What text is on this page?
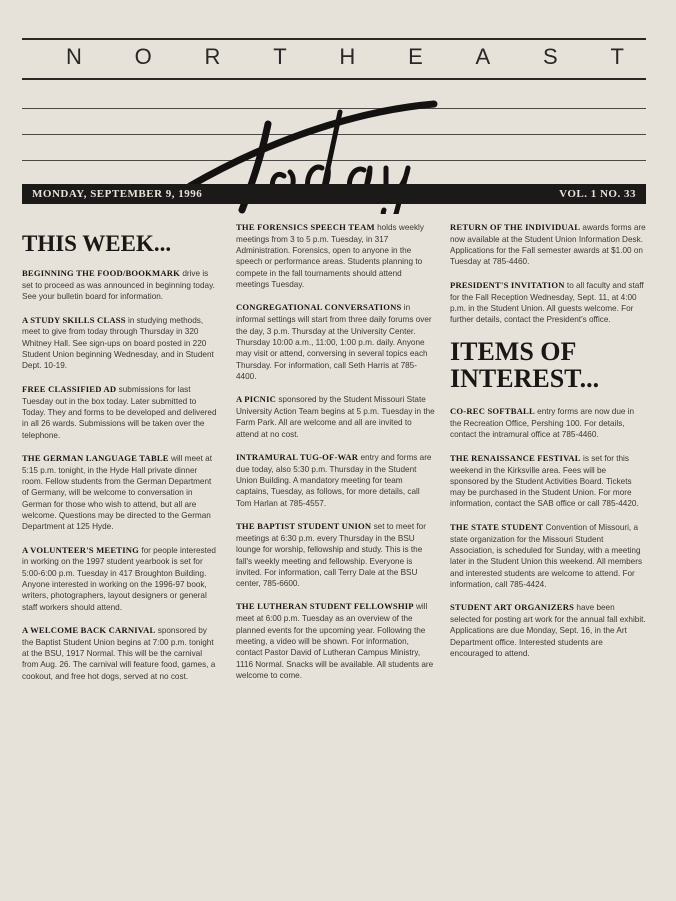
N O R T H E A S T
MONDAY, SEPTEMBER 9, 1996	VOL. 1 NO. 33
THIS WEEK...

BEGINNING THE FOOD/BOOKMARK drive is set to proceed as was announced in beginning today. See your bulletin board for information.

A STUDY SKILLS CLASS in studying methods, meet to give from today through Thursday in 320 Whitney Hall. See sign-ups on board posted in 220 Student Union beginning Wednesday, and in Student Dept. 10-19.

FREE CLASSIFIED AD submissions for last Tuesday out in the box today. Later submitted to Today. They and forms to be developed and delivered in all 26 wards. Submissions will be taken over the telephone.

THE GERMAN LANGUAGE TABLE will meet at 5:15 p.m. tonight, in the Hyde Hall private dinner room. Fellow students from the German Department of Germany, will be welcome to conversation in German for those who wish to attend, but all are welcome. Questions may be directed to the German Department at 125 Hyde.

A VOLUNTEER'S MEETING for people interested in working on the 1997 student yearbook is set for 5:00-6:00 p.m. Tuesday in 417 Broughton Building. Anyone interested in working on the 1996-97 book, writers, photographers, layout designers or general staff workers should attend.

A WELCOME BACK CARNIVAL sponsored by the Baptist Student Union begins at 7:00 p.m. tonight at the BSU, 1917 Normal. This will be the carnival from Aug. 26. The carnival will feature food, games, a cookout, and free hot dogs, served at no cost.

THE FORENSICS SPEECH TEAM holds weekly meetings from 3 to 5 p.m. Tuesday, in 317 Administration. Forensics, open to anyone in the speech or performance areas. Students planning to compete in the fall tournaments should attend meetings Tuesday.

CONGREGATIONAL CONVERSATIONS in informal settings will start from three daily forums over the day, 3 p.m. Thursday at the University Center. Thursday 10:00 a.m., 11:00, 1:00 p.m. daily. Anyone may visit or attend, conversing in several topics each Thursday. For information, call Seth Harris at 785-4400.

A PICNIC sponsored by the Student Missouri State University Action Team begins at 5 p.m. Tuesday in the Farm Park. All are welcome and all are invited to attend at no cost.

INTRAMURAL TUG-OF-WAR entry and forms are due today, also 5:30 p.m. Thursday in the Student Union Building. A mandatory meeting for team captains, Tuesday, as follows, for more details, call Tom Harlan at 785-4557.

THE BAPTIST STUDENT UNION set to meet for meetings at 6:30 p.m. every Thursday in the BSU lounge for worship, fellowship and study. This is the fall's weekly meeting and fellowship. Everyone is invited. For information, call Terry Dale at the BSU center, 785-6600.

THE LUTHERAN STUDENT FELLOWSHIP will meet at 6:00 p.m. Tuesday as an overview of the planned events for the upcoming year. Following the meeting, a video will be shown. For information, contact Pastor David of Lutheran Campus Ministry, 1116 Normal. Snacks will be available. All students are welcome to come.

RETURN OF THE INDIVIDUAL awards forms are now available at the Student Union Information Desk. Applications for the Fall semester awards at $1.00 on Tuesday at 785-4460.

PRESIDENT'S INVITATION to all faculty and staff for the Fall Reception Wednesday, Sept. 11, at 4:00 p.m. in the Student Union. All guests welcome. For further details, contact the President's office.

ITEMS OF INTEREST...

CO-REC SOFTBALL entry forms are now due in the Recreation Office, Pershing 100. For details, contact the intramural office at 785-4460.

THE RENAISSANCE FESTIVAL is set for this weekend in the Kirksville area. Fees will be sponsored by the Student Activities Board. Tickets may be purchased in the Student Union. For more information, contact the SAB office or call 785-4420.

THE STATE STUDENT Convention of Missouri, a state organization for the Missouri Student Association, is scheduled for Sunday, with a meeting later in the Student Union this weekend. All members and interested students are welcome to attend. For information, call 785-4424.

STUDENT ART ORGANIZERS have been selected for posting art work for the annual fall exhibit. Applications are due Monday, Sept. 16, in the Art Department office. Interested students are encouraged to attend.
